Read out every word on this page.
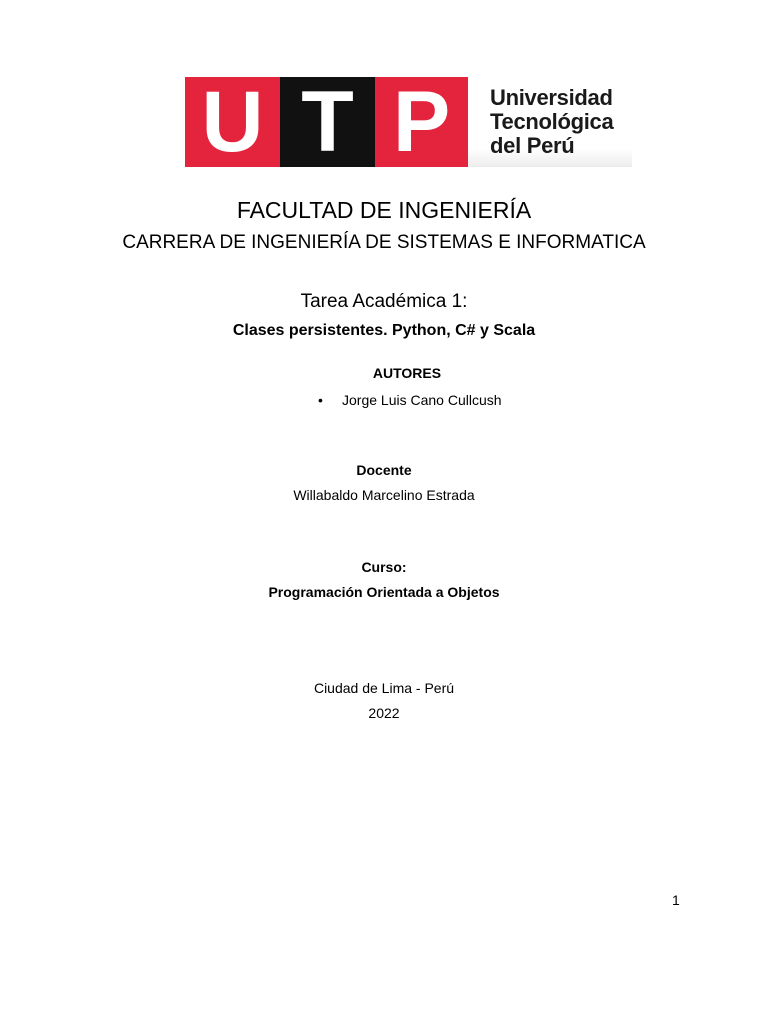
U T P	Universidad
Tecnológica
del Perú
FACULTAD DE INGENIERÍA
CARRERA DE INGENIERÍA DE SISTEMAS E INFORMATICA
Tarea Académica 1:
Clases persistentes. Python, C# y Scala
AUTORES
• Jorge Luis Cano Cullcush
Docente
Willabaldo Marcelino Estrada
Curso:
Programación Orientada a Objetos
Ciudad de Lima - Perú
2022
1
